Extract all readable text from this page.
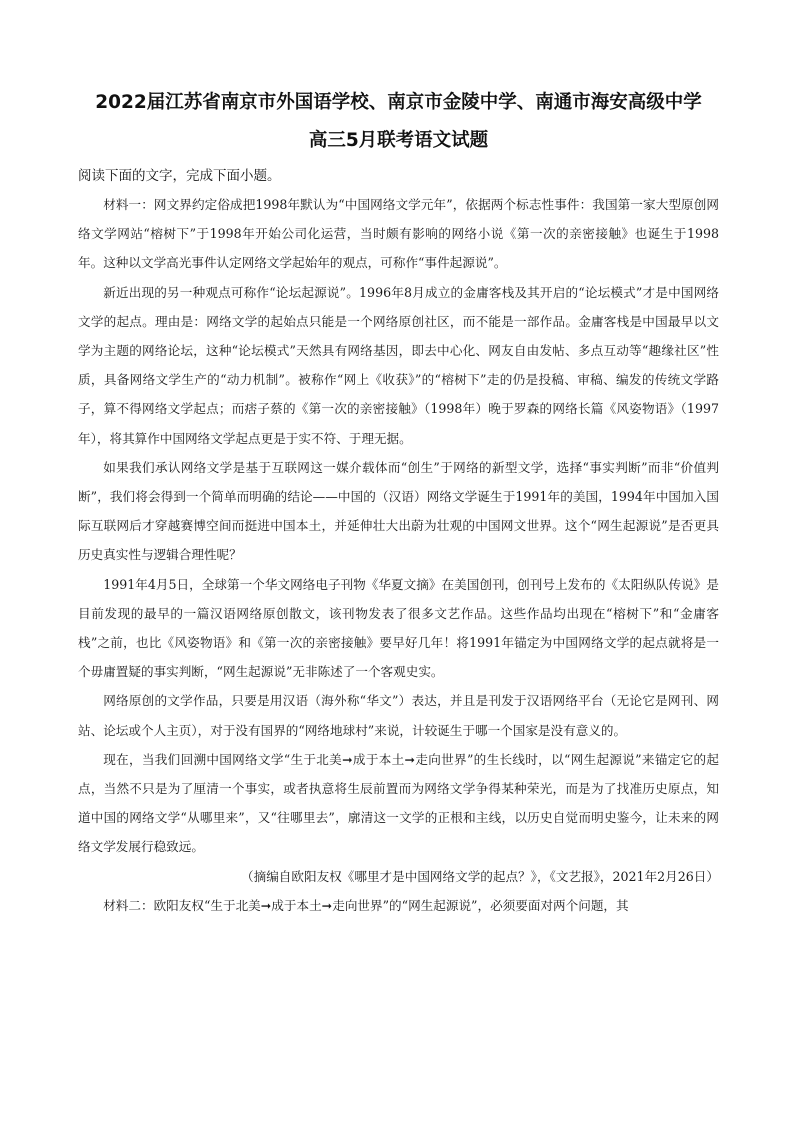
2022届江苏省南京市外国语学校、南京市金陵中学、南通市海安高级中学
高三5月联考语文试题

阅读下面的文字，完成下面小题。

材料一：网文界约定俗成把1998年默认为“中国网络文学元年”，依据两个标志性事件：我国第一家大型原创网络文学网站“榕树下”于1998年开始公司化运营，当时颇有影响的网络小说《第一次的亲密接触》也诞生于1998年。这种以文学高光事件认定网络文学起始年的观点，可称作“事件起源说”。

新近出现的另一种观点可称作“论坛起源说”。1996年8月成立的金庸客栈及其开启的“论坛模式”才是中国网络文学的起点。理由是：网络文学的起始点只能是一个网络原创社区，而不能是一部作品。金庸客栈是中国最早以文学为主题的网络论坛，这种“论坛模式”天然具有网络基因，即去中心化、网友自由发帖、多点互动等“趣缘社区”性质，具备网络文学生产的“动力机制”。被称作“网上《收获》”的“榕树下”走的仍是投稿、审稿、编发的传统文学路子，算不得网络文学起点；而痞子蔡的《第一次的亲密接触》（1998年）晚于罗森的网络长篇《风姿物语》（1997年），将其算作中国网络文学起点更是于实不符、于理无据。

如果我们承认网络文学是基于互联网这一媒介载体而“创生”于网络的新型文学，选择“事实判断”而非“价值判断”，我们将会得到一个简单而明确的结论——中国的（汉语）网络文学诞生于1991年的美国，1994年中国加入国际互联网后才穿越赛博空间而挺进中国本土，并延伸壮大出蔚为壮观的中国网文世界。这个“网生起源说”是否更具历史真实性与逻辑合理性呢？

1991年4月5日，全球第一个华文网络电子刊物《华夏文摘》在美国创刊，创刊号上发布的《太阳纵队传说》是目前发现的最早的一篇汉语网络原创散文，该刊物发表了很多文艺作品。这些作品均出现在“榕树下”和“金庸客栈”之前，也比《风姿物语》和《第一次的亲密接触》要早好几年！将1991年锚定为中国网络文学的起点就将是一个毋庸置疑的事实判断，“网生起源说”无非陈述了一个客观史实。

网络原创的文学作品，只要是用汉语（海外称“华文”）表达，并且是刊发于汉语网络平台（无论它是网刊、网站、论坛或个人主页），对于没有国界的“网络地球村”来说，计较诞生于哪一个国家是没有意义的。

现在，当我们回溯中国网络文学“生于北美➞成于本土➞走向世界”的生长线时，以“网生起源说”来锚定它的起点，当然不只是为了厘清一个事实，或者执意将生辰前置而为网络文学争得某种荣光，而是为了找准历史原点，知道中国的网络文学“从哪里来”，又“往哪里去”，廓清这一文学的正根和主线，以历史自觉而明史鉴今，让未来的网络文学发展行稳致远。

（摘编自欧阳友权《哪里才是中国网络文学的起点？》，《文艺报》，2021年2月26日）

材料二：欧阳友权“生于北美➞成于本土➞走向世界”的“网生起源说”，必须要面对两个问题，其
